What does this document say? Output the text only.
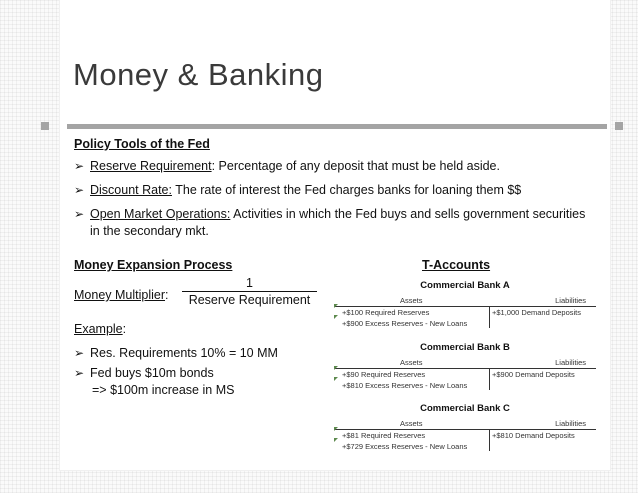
Money & Banking
Policy Tools of the Fed
➢ Reserve Requirement: Percentage of any deposit that must be held aside.
➢ Discount Rate: The rate of interest the Fed charges banks for loaning them $$
➢ Open Market Operations: Activities in which the Fed buys and sells government securities
in the secondary mkt.
Money Expansion Process
Money Multiplier:
1
Reserve Requirement
Example:
➢ Res. Requirements 10% = 10 MM
➢ Fed buys $10m bonds
=> $100m increase in MS
T-Accounts
Commercial Bank A
Assets	Liabilities
+$100 Required Reserves	+$1,000 Demand Deposits
+$900 Excess Reserves - New Loans
Commercial Bank B
Assets	Liabilities
+$90 Required Reserves	+$900 Demand Deposits
+$810 Excess Reserves - New Loans
Commercial Bank C
Assets	Liabilities
+$81 Required Reserves	+$810 Demand Deposits
+$729 Excess Reserves - New Loans
